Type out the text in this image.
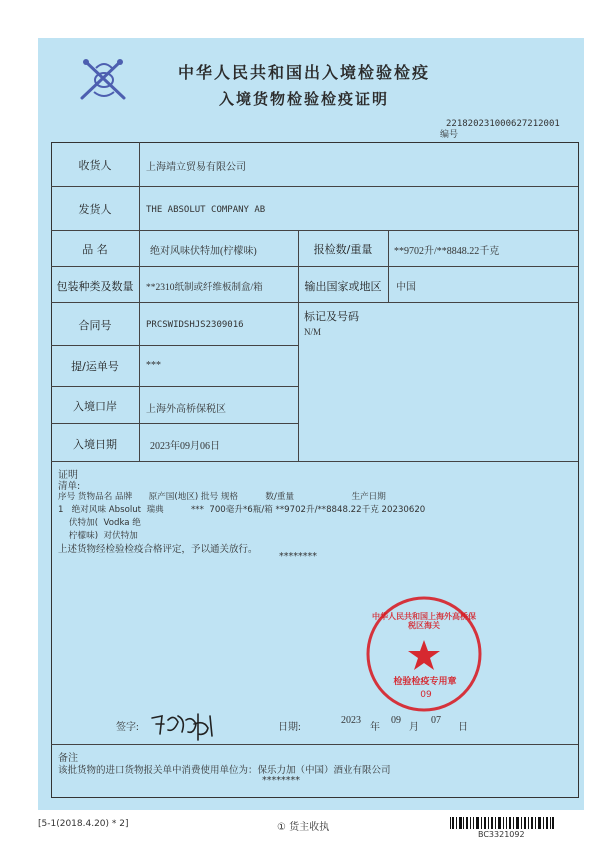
中华人民共和国出入境检验检疫
入境货物检验检疫证明
221820231000627212001
编号
收货人	上海靖立贸易有限公司
发货人	THE ABSOLUT COMPANY AB
品 名	绝对风味伏特加(柠檬味)	报检数/重量	**9702升/**8848.22千克
包装种类及数量	**2310纸制或纤维板制盒/箱	输出国家或地区	中国
合同号	PRCSWIDSHJS2309016
标记及号码
N/M
提/运单号	***
入境口岸	上海外高桥保税区
入境日期	2023年09月06日
证明
清单:
序号 货物品名 品牌      原产国(地区) 批号 规格          数/重量                     生产日期
1   绝对风味 Absolut  瑞典          ***  700毫升*6瓶/箱 **9702升/**8848.22千克 20230620
伏特加(  Vodka 绝
柠檬味)  对伏特加
上述货物经检验检疫合格评定，予以通关放行。
********
中华人民共和国上海外高桥保税区海关
检验检疫专用章
09
签字:	日期:
2023
年
09
月
07
日
备注
该批货物的进口货物报关单中消费使用单位为：保乐力加（中国）酒业有限公司
********
[5-1(2018.4.20) * 2]	① 货主收执
BC3321092
